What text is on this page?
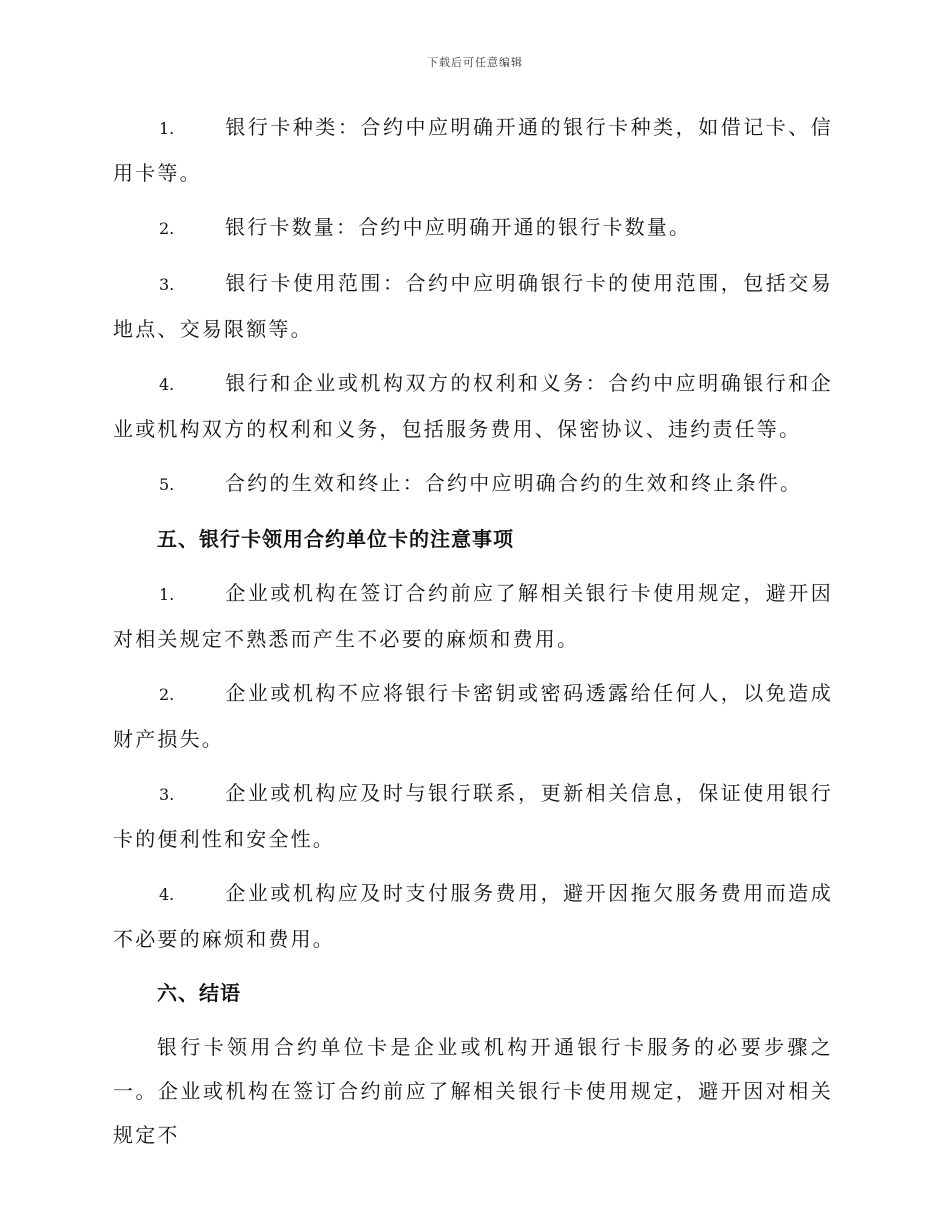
下载后可任意编辑

1.	银行卡种类：合约中应明确开通的银行卡种类，如借记卡、信用卡等。

2.	银行卡数量：合约中应明确开通的银行卡数量。

3.	银行卡使用范围：合约中应明确银行卡的使用范围，包括交易地点、交易限额等。

4.	银行和企业或机构双方的权利和义务：合约中应明确银行和企业或机构双方的权利和义务，包括服务费用、保密协议、违约责任等。

5.	合约的生效和终止：合约中应明确合约的生效和终止条件。

五、银行卡领用合约单位卡的注意事项

1.	企业或机构在签订合约前应了解相关银行卡使用规定，避开因对相关规定不熟悉而产生不必要的麻烦和费用。

2.	企业或机构不应将银行卡密钥或密码透露给任何人，以免造成财产损失。

3.	企业或机构应及时与银行联系，更新相关信息，保证使用银行卡的便利性和安全性。

4.	企业或机构应及时支付服务费用，避开因拖欠服务费用而造成不必要的麻烦和费用。

六、结语

银行卡领用合约单位卡是企业或机构开通银行卡服务的必要步骤之一。企业或机构在签订合约前应了解相关银行卡使用规定，避开因对相关规定不
